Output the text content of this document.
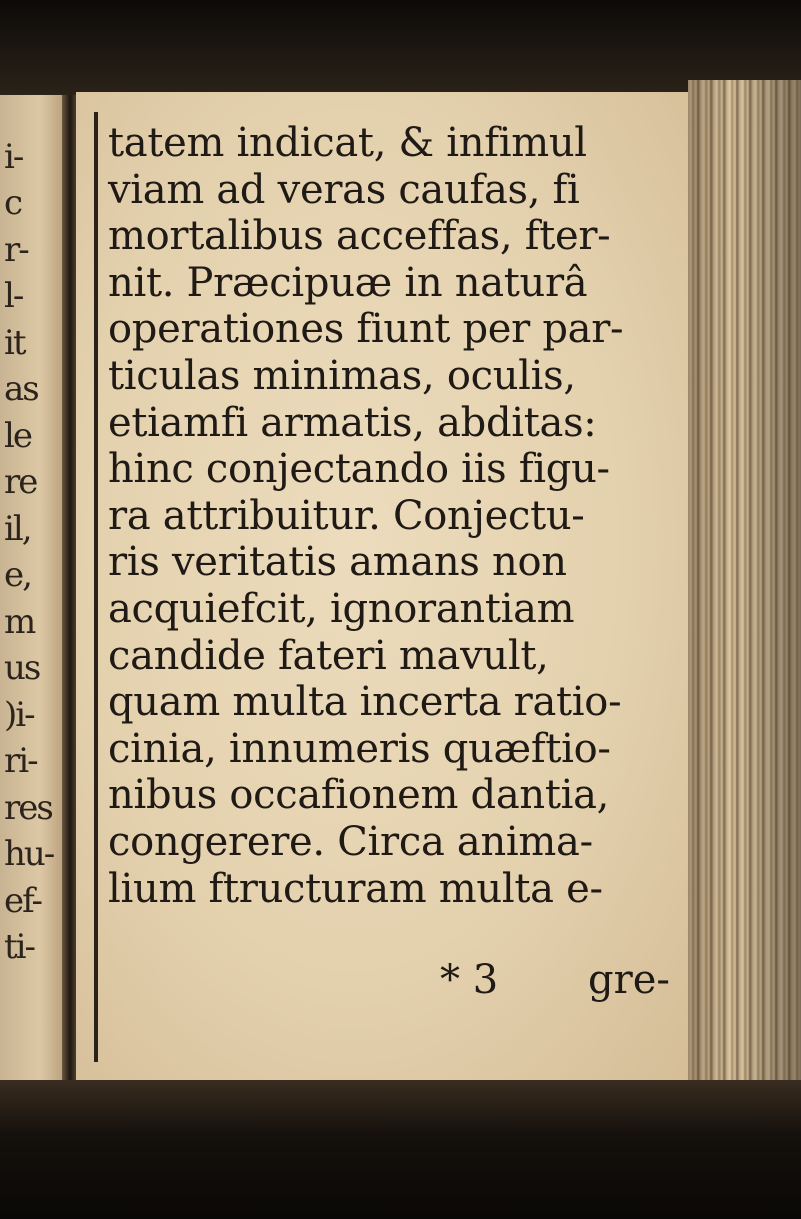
i-
c
r-
l-
it
as
le
re
il,
e,
m
us
)i-
ri-
res
hu-
ef-
ti-
tatem indicat, & infimul
viam ad veras caufas, fi
mortalibus acceffas, fter-
nit. Præcipuæ in naturâ
operationes fiunt per par-
ticulas minimas, oculis,
etiamfi armatis, abditas:
hinc conjectando iis figu-
ra attribuitur. Conjectu-
ris veritatis amans non
acquiefcit, ignorantiam
candide fateri mavult,
quam multa incerta ratio-
cinia, innumeris quæftio-
nibus occafionem dantia,
congerere. Circa anima-
lium ftructuram multa e-
* 3 gre-
